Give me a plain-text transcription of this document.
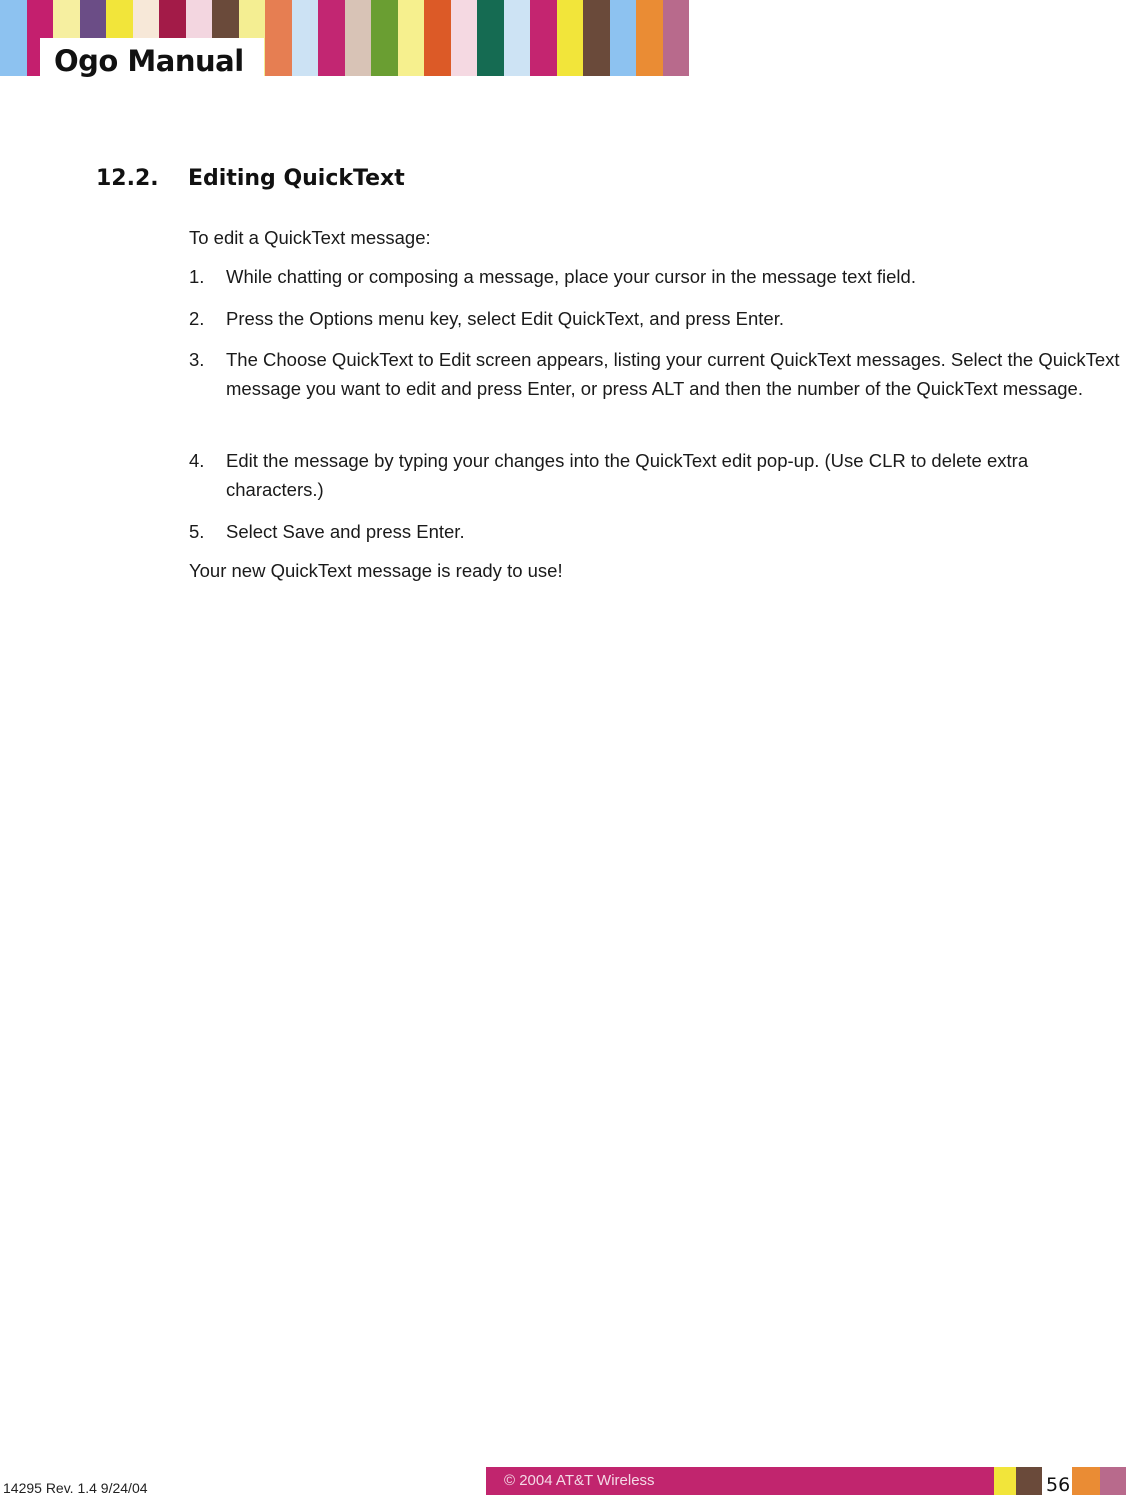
Ogo Manual
12.2. Editing QuickText
To edit a QuickText message:
1. While chatting or composing a message, place your cursor in the message text field.
2. Press the Options menu key, select Edit QuickText, and press Enter.
3. The Choose QuickText to Edit screen appears, listing your current QuickText messages. Select the QuickText message you want to edit and press Enter, or press ALT and then the number of the QuickText message.
4. Edit the message by typing your changes into the QuickText edit pop-up. (Use CLR to delete extra characters.)
5. Select Save and press Enter.
Your new QuickText message is ready to use!
14295 Rev. 1.4 9/24/04	© 2004 AT&T Wireless	56
